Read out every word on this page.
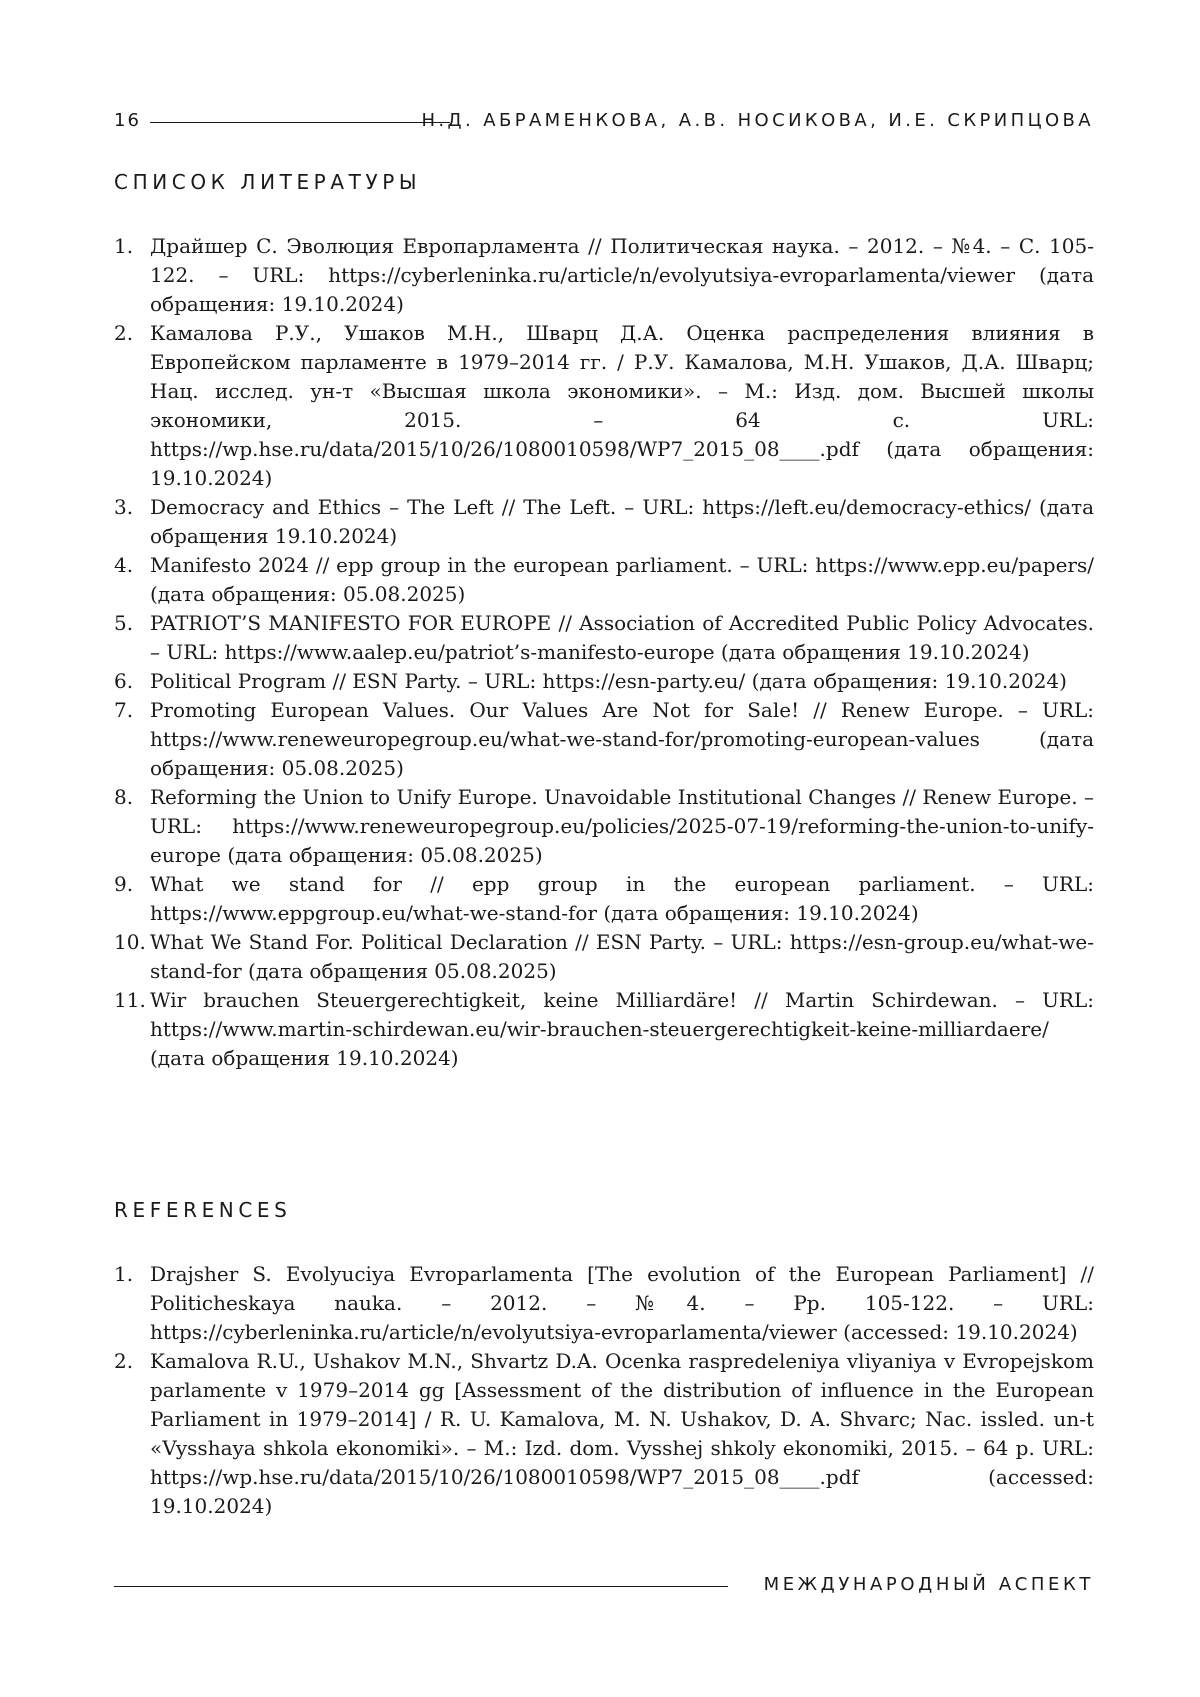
16	Н.Д. АБРАМЕНКОВА, А.В. НОСИКОВА, И.Е. СКРИПЦОВА
СПИСОК ЛИТЕРАТУРЫ
1. Драйшер С. Эволюция Европарламента // Политическая наука. – 2012. – №4. – С. 105-122. – URL: https://cyberleninka.ru/article/n/evolyutsiya-evroparlamenta/viewer (дата обращения: 19.10.2024)
2. Камалова Р.У., Ушаков М.Н., Шварц Д.А. Оценка распределения влияния в Европейском парламенте в 1979–2014 гг. / Р.У. Камалова, М.Н. Ушаков, Д.А. Шварц; Нац. исслед. ун-т «Высшая школа экономики». – М.: Изд. дом. Высшей школы экономики, 2015. – 64 с. URL: https://wp.hse.ru/data/2015/10/26/1080010598/WP7_2015_08____.pdf (дата обращения: 19.10.2024)
3. Democracy and Ethics – The Left // The Left. – URL: https://left.eu/democracy-ethics/ (дата обращения 19.10.2024)
4. Manifesto 2024 // epp group in the european parliament. – URL: https://www.epp.eu/papers/ (дата обращения: 05.08.2025)
5. PATRIOT’S MANIFESTO FOR EUROPE // Association of Accredited Public Policy Advocates. – URL: https://www.aalep.eu/patriot’s-manifesto-europe (дата обращения 19.10.2024)
6. Political Program // ESN Party. – URL: https://esn-party.eu/ (дата обращения: 19.10.2024)
7. Promoting European Values. Our Values Are Not for Sale! // Renew Europe. – URL: https://www.reneweuropegroup.eu/what-we-stand-for/promoting-european-values (дата обращения: 05.08.2025)
8. Reforming the Union to Unify Europe. Unavoidable Institutional Changes // Renew Europe. – URL: https://www.reneweuropegroup.eu/policies/2025-07-19/reforming-the-union-to-unify-europe (дата обращения: 05.08.2025)
9. What we stand for // epp group in the european parliament. – URL: https://www.eppgroup.eu/what-we-stand-for (дата обращения: 19.10.2024)
10. What We Stand For. Political Declaration // ESN Party. – URL: https://esn-group.eu/what-we-stand-for (дата обращения 05.08.2025)
11. Wir brauchen Steuergerechtigkeit, keine Milliardäre! // Martin Schirdewan. – URL: https://www.martin-schirdewan.eu/wir-brauchen-steuergerechtigkeit-keine-milliardaere/ (дата обращения 19.10.2024)
REFERENCES
1. Drajsher S. Evolyuciya Evroparlamenta [The evolution of the European Parliament] // Politicheskaya nauka. – 2012. – №4. – Pp. 105-122. – URL: https://cyberleninka.ru/article/n/evolyutsiya-evroparlamenta/viewer (accessed: 19.10.2024)
2. Kamalova R.U., Ushakov M.N., Shvartz D.A. Ocenka raspredeleniya vliyaniya v Evropejskom parlamente v 1979–2014 gg [Assessment of the distribution of influence in the European Parliament in 1979–2014] / R. U. Kamalova, M. N. Ushakov, D. A. Shvarc; Nac. issled. un-t «Vysshaya shkola ekonomiki». – M.: Izd. dom. Vysshej shkoly ekonomiki, 2015. – 64 p. URL: https://wp.hse.ru/data/2015/10/26/1080010598/WP7_2015_08____.pdf (accessed: 19.10.2024)
МЕЖДУНАРОДНЫЙ АСПЕКТ
